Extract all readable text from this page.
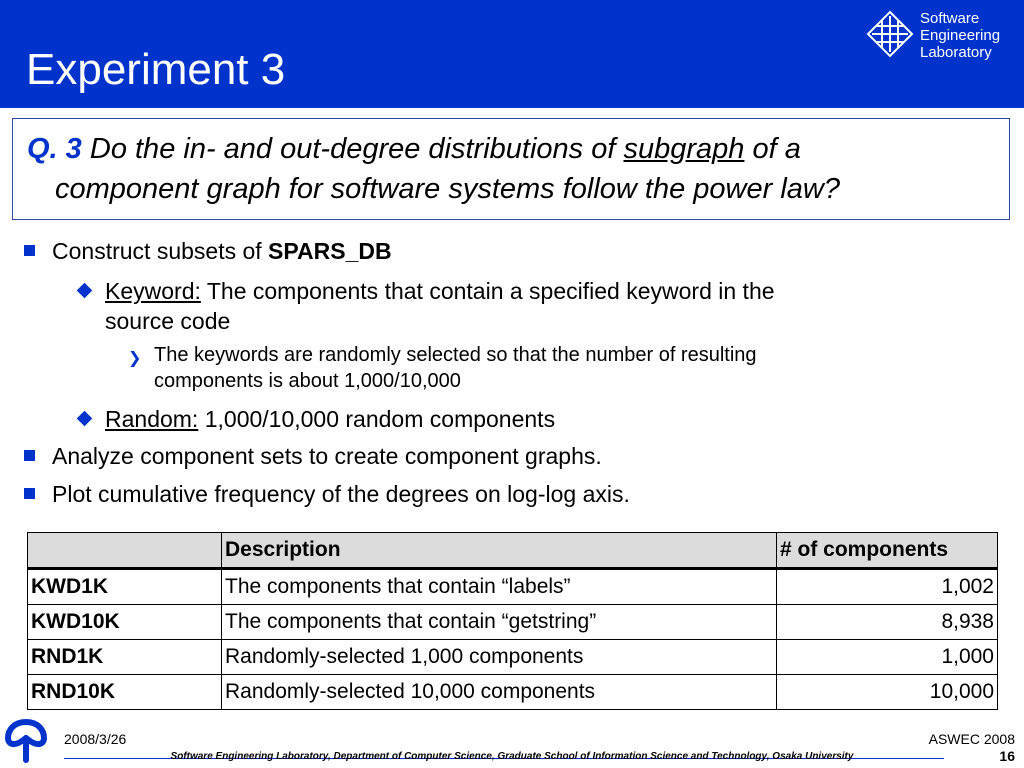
Experiment 3
Software
Engineering
Laboratory
Q. 3 Do the in- and out-degree distributions of subgraph of a
component graph for software systems follow the power law?
Construct subsets of SPARS_DB
Keyword: The components that contain a specified keyword in the
source code
❯ The keywords are randomly selected so that the number of resulting
components is about 1,000/10,000
Random: 1,000/10,000 random components
Analyze component sets to create component graphs.
Plot cumulative frequency of the degrees on log-log axis.
	Description	# of components
KWD1K	The components that contain “labels”	1,002
KWD10K	The components that contain “getstring”	8,938
RND1K	Randomly-selected 1,000 components	1,000
RND10K	Randomly-selected 10,000 components	10,000
2008/3/26	ASWEC 2008
16
Software Engineering Laboratory, Department of Computer Science, Graduate School of Information Science and Technology, Osaka University
